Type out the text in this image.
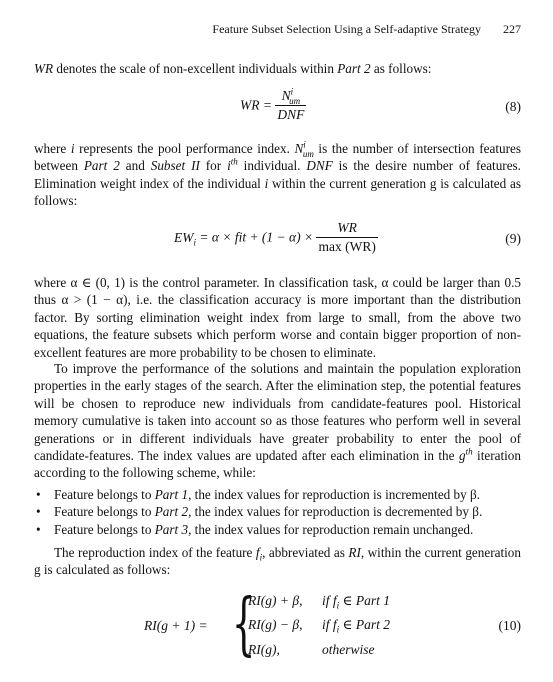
Feature Subset Selection Using a Self-adaptive Strategy 227

WR denotes the scale of non-excellent individuals within Part 2 as follows:

WR = $\frac{N^i_{um}}{\text{DNF}}$	(8)

where i represents the pool performance index. $N^i_{um}$ is the number of intersection features between Part 2 and Subset II for $i^{th}$ individual. DNF is the desire number of features. Elimination weight index of the individual i within the current generation g is calculated as follows:

$EW_i = \alpha$ × fit + $(1 - \alpha) \times \frac{WR}{\max (WR)}$	(9)

where α ∈ (0, 1) is the control parameter. In classification task, α could be larger than 0.5 thus α > (1 − α), i.e. the classification accuracy is more important than the distribution factor. By sorting elimination weight index from large to small, from the above two equations, the feature subsets which perform worse and contain bigger proportion of non-excellent features are more probability to be chosen to eliminate.

To improve the performance of the solutions and maintain the population exploration properties in the early stages of the search. After the elimination step, the potential features will be chosen to reproduce new individuals from candidate-features pool. Historical memory cumulative is taken into account so as those features who perform well in several generations or in different individuals have greater probability to enter the pool of candidate-features. The index values are updated after each elimination in the $g^{th}$ iteration according to the following scheme, while:

• Feature belongs to Part 1, the index values for reproduction is incremented by β.
• Feature belongs to Part 2, the index values for reproduction is decremented by β.
• Feature belongs to Part 3, the index values for reproduction remain unchanged.

The reproduction index of the feature $f_i$, abbreviated as RI, within the current generation g is calculated as follows:

RI(g + 1) = {
RI(g) + β, if $f_i$ ∈ Part 1
RI(g) − β, if $f_i$ ∈ Part 2
RI(g),	otherwise
(10)
